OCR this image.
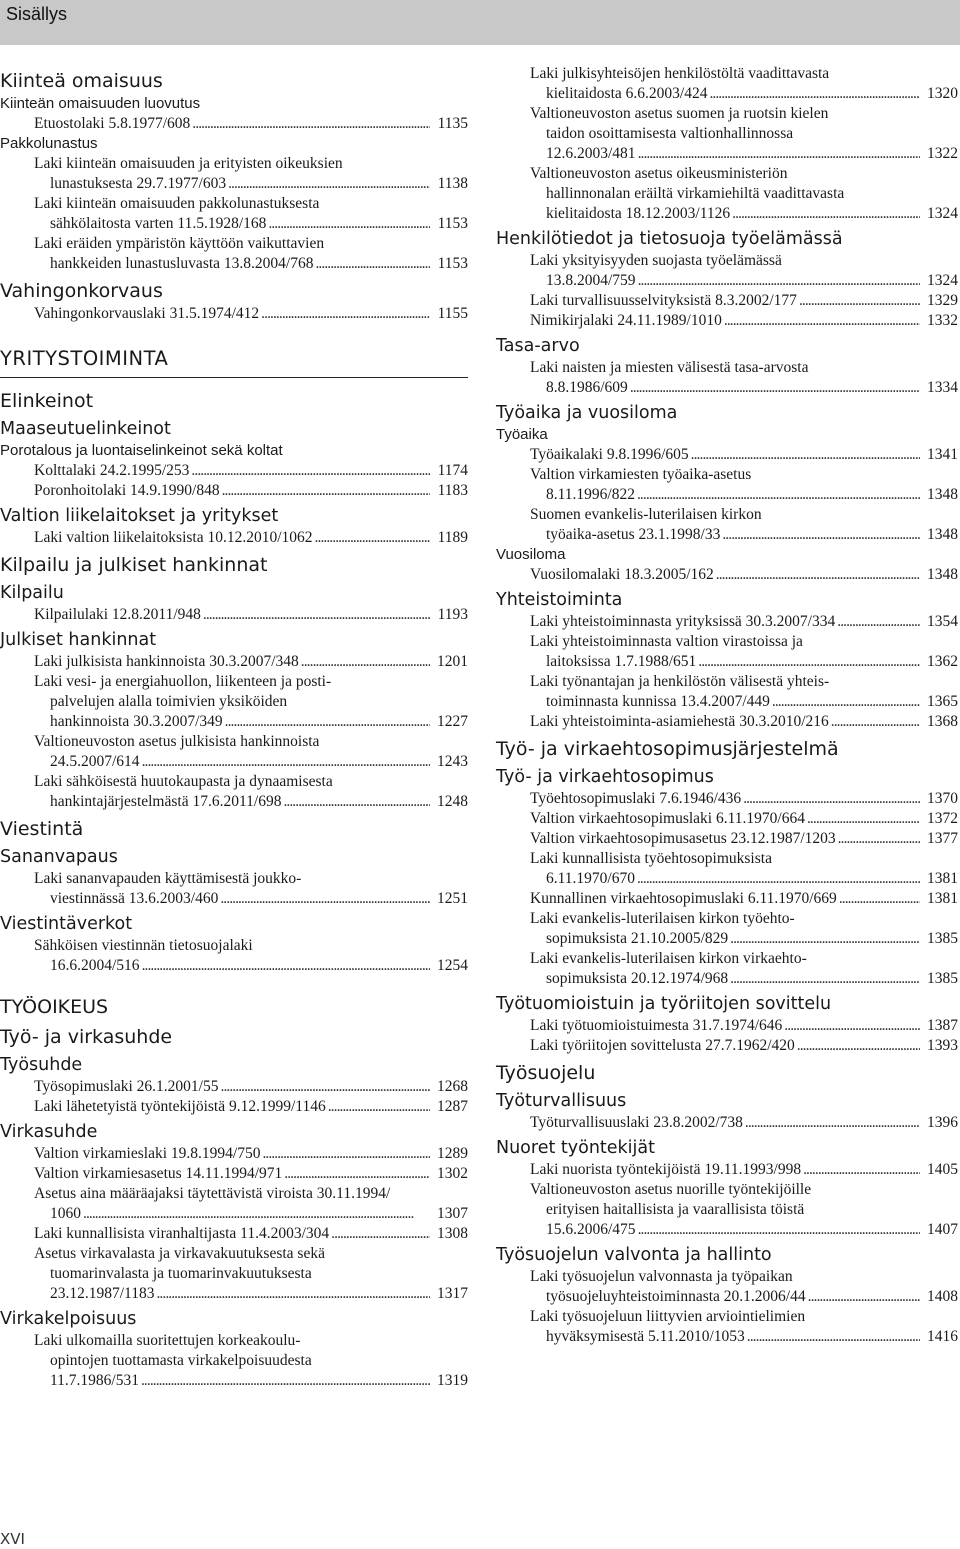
Sisällys
Kiinteä omaisuus
Kiinteän omaisuuden luovutus
Etuostolaki 5.8.1977/608 . . .	1135
Pakkolunastus
Laki kiinteän omaisuuden ja erityisten oikeuksien
lunastuksesta 29.7.1977/603 . . .	1138
Laki kiinteän omaisuuden pakkolunastuksesta
sähkölaitosta varten 11.5.1928/168 . . .	1153
Laki eräiden ympäristön käyttöön vaikuttavien
hankkeiden lunastusluvasta 13.8.2004/768 . . .	1153
Vahingonkorvaus
Vahingonkorvauslaki 31.5.1974/412 . . .	1155
YRITYSTOIMINTA
Elinkeinot
Maaseutuelinkeinot
Porotalous ja luontaiselinkeinot sekä koltat
Kolttalaki 24.2.1995/253 . . .	1174
Poronhoitolaki 14.9.1990/848 . . .	1183
Valtion liikelaitokset ja yritykset
Laki valtion liikelaitoksista 10.12.2010/1062 . . .	1189
Kilpailu ja julkiset hankinnat
Kilpailu
Kilpailulaki 12.8.2011/948 . . .	1193
Julkiset hankinnat
Laki julkisista hankinnoista 30.3.2007/348 . . .	1201
Laki vesi- ja energiahuollon, liikenteen ja posti-
palvelujen alalla toimivien yksiköiden
hankinnoista 30.3.2007/349 . . .	1227
Valtioneuvoston asetus julkisista hankinnoista
24.5.2007/614 . . .	1243
Laki sähköisestä huutokaupasta ja dynaamisesta
hankintajärjestelmästä 17.6.2011/698 . . .	1248
Viestintä
Sananvapaus
Laki sananvapauden käyttämisestä joukko-
viestinnässä 13.6.2003/460 . . .	1251
Viestintäverkot
Sähköisen viestinnän tietosuojalaki
16.6.2004/516 . . .	1254
TYÖOIKEUS
Työ- ja virkasuhde
Työsuhde
Työsopimuslaki 26.1.2001/55 . . .	1268
Laki lähetetyistä työntekijöistä 9.12.1999/1146 . . .	1287
Virkasuhde
Valtion virkamieslaki 19.8.1994/750 . . .	1289
Valtion virkamiesasetus 14.11.1994/971 . . .	1302
Asetus aina määräajaksi täytettävistä viroista 30.11.1994/
1060 . . .	1307
Laki kunnallisista viranhaltijasta 11.4.2003/304 . . .	1308
Asetus virkavalasta ja virkavakuutuksesta sekä
tuomarinvalasta ja tuomarinvakuutuksesta
23.12.1987/1183 . . .	1317
Virkakelpoisuus
Laki ulkomailla suoritettujen korkeakoulu-
opintojen tuottamasta virkakelpoisuudesta
11.7.1986/531 . . .	1319
Laki julkisyhteisöjen henkilöstöltä vaadittavasta
kielitaidosta 6.6.2003/424 . . .	1320
Valtioneuvoston asetus suomen ja ruotsin kielen
taidon osoittamisesta valtionhallinnossa
12.6.2003/481 . . .	1322
Valtioneuvoston asetus oikeusministeriön
hallinnonalan eräiltä virkamiehiltä vaadittavasta
kielitaidosta 18.12.2003/1126 . . .	1324
Henkilötiedot ja tietosuoja työelämässä
Laki yksityisyyden suojasta työelämässä
13.8.2004/759 . . .	1324
Laki turvallisuusselvityksistä 8.3.2002/177 . . .	1329
Nimikirjalaki 24.11.1989/1010 . . .	1332
Tasa-arvo
Laki naisten ja miesten välisestä tasa-arvosta
8.8.1986/609 . . .	1334
Työaika ja vuosiloma
Työaika
Työaikalaki 9.8.1996/605 . . .	1341
Valtion virkamiesten työaika-asetus
8.11.1996/822 . . .	1348
Suomen evankelis-luterilaisen kirkon
työaika-asetus 23.1.1998/33 . . .	1348
Vuosiloma
Vuosilomalaki 18.3.2005/162 . . .	1348
Yhteistoiminta
Laki yhteistoiminnasta yrityksissä 30.3.2007/334 . . .	1354
Laki yhteistoiminnasta valtion virastoissa ja
laitoksissa 1.7.1988/651 . . .	1362
Laki työnantajan ja henkilöstön välisestä yhteis-
toiminnasta kunnissa 13.4.2007/449 . . .	1365
Laki yhteistoiminta-asiamiehestä 30.3.2010/216 . . .	1368
Työ- ja virkaehtosopimusjärjestelmä
Työ- ja virkaehtosopimus
Työehtosopimuslaki 7.6.1946/436 . . .	1370
Valtion virkaehtosopimuslaki 6.11.1970/664 . . .	1372
Valtion virkaehtosopimusasetus 23.12.1987/1203 . . .	1377
Laki kunnallisista työehtosopimuksista
6.11.1970/670 . . .	1381
Kunnallinen virkaehtosopimuslaki 6.11.1970/669 . . .	1381
Laki evankelis-luterilaisen kirkon työehto-
sopimuksista 21.10.2005/829 . . .	1385
Laki evankelis-luterilaisen kirkon virkaehto-
sopimuksista 20.12.1974/968 . . .	1385
Työtuomioistuin ja työriitojen sovittelu
Laki työtuomioistuimesta 31.7.1974/646 . . .	1387
Laki työriitojen sovittelusta 27.7.1962/420 . . .	1393
Työsuojelu
Työturvallisuus
Työturvallisuuslaki 23.8.2002/738 . . .	1396
Nuoret työntekijät
Laki nuorista työntekijöistä 19.11.1993/998 . . .	1405
Valtioneuvoston asetus nuorille työntekijöille
erityisen haitallisista ja vaarallisista töistä
15.6.2006/475 . . .	1407
Työsuojelun valvonta ja hallinto
Laki työsuojelun valvonnasta ja työpaikan
työsuojeluyhteistoiminnasta 20.1.2006/44 . . .	1408
Laki työsuojeluun liittyvien arviointielimien
hyväksymisestä 5.11.2010/1053 . . .	1416
XVI
